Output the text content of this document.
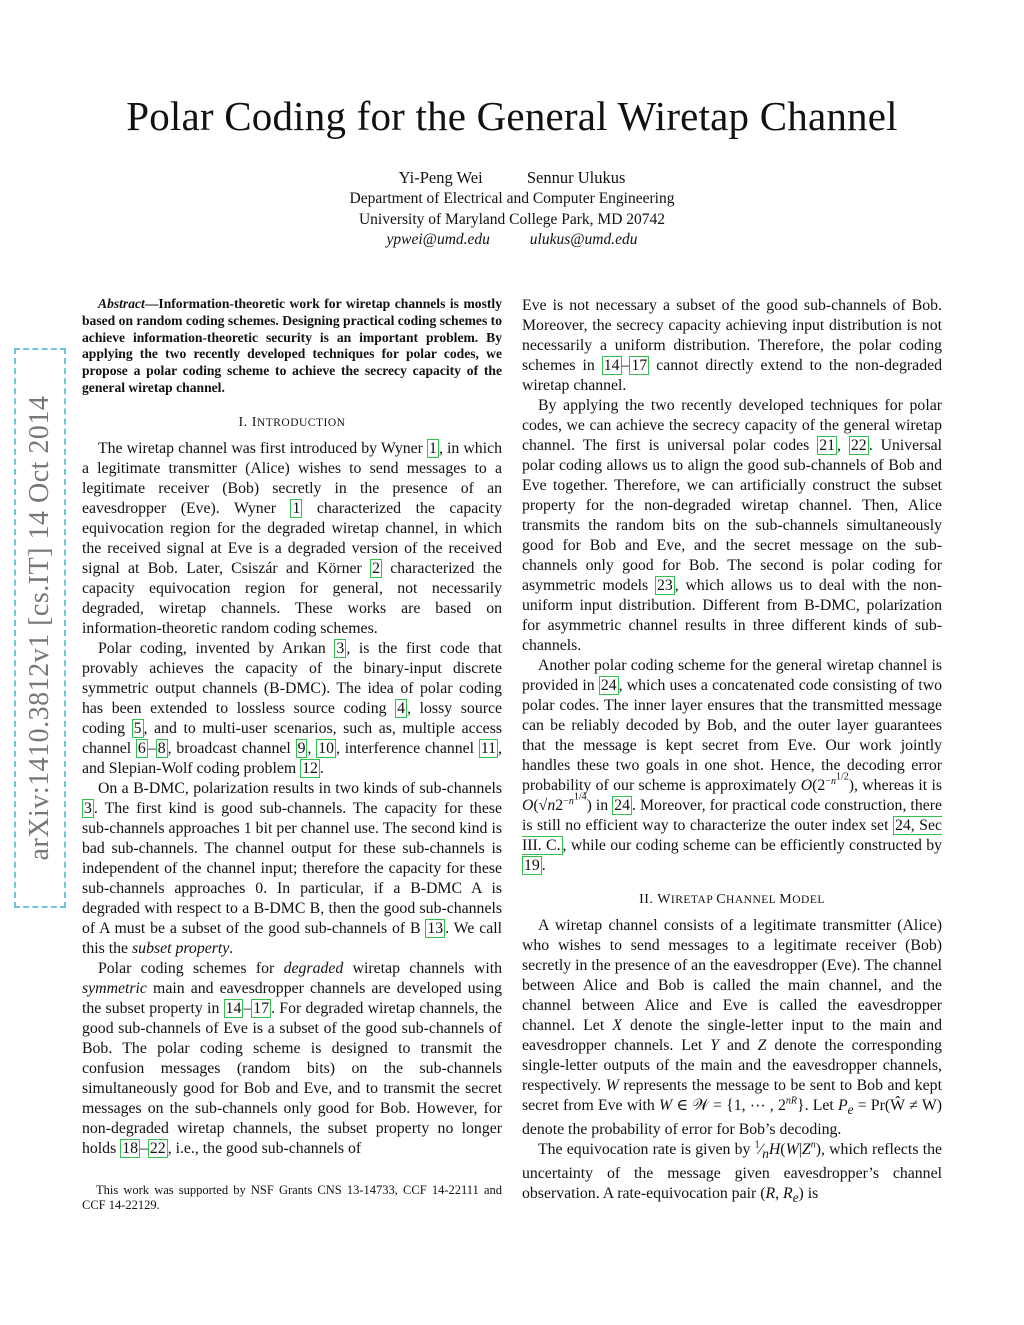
arXiv:1410.3812v1 [cs.IT] 14 Oct 2014
Polar Coding for the General Wiretap Channel
Yi-Peng Wei	Sennur Ulukus
Department of Electrical and Computer Engineering
University of Maryland College Park, MD 20742
ypwei@umd.edu	ulukus@umd.edu

Abstract—Information-theoretic work for wiretap channels is mostly based on random coding schemes. Designing practical coding schemes to achieve information-theoretic security is an important problem. By applying the two recently developed techniques for polar codes, we propose a polar coding scheme to achieve the secrecy capacity of the general wiretap channel.

I. INTRODUCTION

The wiretap channel was first introduced by Wyner 1 , in which a legitimate transmitter (Alice) wishes to send messages to a legitimate receiver (Bob) secretly in the presence of an eavesdropper (Eve). Wyner 1 characterized the capacity equivocation region for the degraded wiretap channel, in which the received signal at Eve is a degraded version of the received signal at Bob. Later, Csiszár and Körner 2 characterized the capacity equivocation region for general, not necessarily degraded, wiretap channels. These works are based on information-theoretic random coding schemes.

Polar coding, invented by Arıkan 3 , is the first code that provably achieves the capacity of the binary-input discrete symmetric output channels (B-DMC). The idea of polar coding has been extended to lossless source coding 4 , lossy source coding 5 , and to multi-user scenarios, such as, multiple access channel 6 – 8 , broadcast channel 9 , 10 , interference channel 11 , and Slepian-Wolf coding problem 12 .

On a B-DMC, polarization results in two kinds of sub-channels 3 . The first kind is good sub-channels. The capacity for these sub-channels approaches 1 bit per channel use. The second kind is bad sub-channels. The channel output for these sub-channels is independent of the channel input; therefore the capacity for these sub-channels approaches 0. In particular, if a B-DMC A is degraded with respect to a B-DMC B, then the good sub-channels of A must be a subset of the good sub-channels of B 13 . We call this the subset property.

Polar coding schemes for degraded wiretap channels with symmetric main and eavesdropper channels are developed using the subset property in 14 – 17 . For degraded wiretap channels, the good sub-channels of Eve is a subset of the good sub-channels of Bob. The polar coding scheme is designed to transmit the confusion messages (random bits) on the sub-channels simultaneously good for Bob and Eve, and to transmit the secret messages on the sub-channels only good for Bob. However, for non-degraded wiretap channels, the subset property no longer holds 18 – 22 , i.e., the good sub-channels of

This work was supported by NSF Grants CNS 13-14733, CCF 14-22111 and CCF 14-22129.

Eve is not necessary a subset of the good sub-channels of Bob. Moreover, the secrecy capacity achieving input distribution is not necessarily a uniform distribution. Therefore, the polar coding schemes in 14 – 17 cannot directly extend to the non-degraded wiretap channel.

By applying the two recently developed techniques for polar codes, we can achieve the secrecy capacity of the general wiretap channel. The first is universal polar codes 21 , 22 . Universal polar coding allows us to align the good sub-channels of Bob and Eve together. Therefore, we can artificially construct the subset property for the non-degraded wiretap channel. Then, Alice transmits the random bits on the sub-channels simultaneously good for Bob and Eve, and the secret message on the sub-channels only good for Bob. The second is polar coding for asymmetric models 23 , which allows us to deal with the non-uniform input distribution. Different from B-DMC, polarization for asymmetric channel results in three different kinds of sub-channels.

Another polar coding scheme for the general wiretap channel is provided in 24 , which uses a concatenated code consisting of two polar codes. The inner layer ensures that the transmitted message can be reliably decoded by Bob, and the outer layer guarantees that the message is kept secret from Eve. Our work jointly handles these two goals in one shot. Hence, the decoding error probability of our scheme is approximately $O(2^{-n^{1/2}})$, whereas it is $O(√n2^{-n^{1/4}})$ in 24 . Moreover, for practical code construction, there is still no efficient way to characterize the outer index set 24, Sec III. C. , while our coding scheme can be efficiently constructed by 19 .

II. WIRETAP CHANNEL MODEL

A wiretap channel consists of a legitimate transmitter (Alice) who wishes to send messages to a legitimate receiver (Bob) secretly in the presence of an the eavesdropper (Eve). The channel between Alice and Bob is called the main channel, and the channel between Alice and Eve is called the eavesdropper channel. Let X denote the single-letter input to the main and eavesdropper channels. Let Y and Z denote the corresponding single-letter outputs of the main and the eavesdropper channels, respectively. W represents the message to be sent to Bob and kept secret from Eve with W ∈ 𝒲 = {1, ⋯ , $2^{nR}$}. Let $P_e$ = Pr(Ŵ ≠ W) denote the probability of error for Bob’s decoding.

The equivocation rate is given by $^1⁄_nH(W|Z^n)$, which reflects the uncertainty of the message given eavesdropper’s channel observation. A rate-equivocation pair (R, $R_e$) is
